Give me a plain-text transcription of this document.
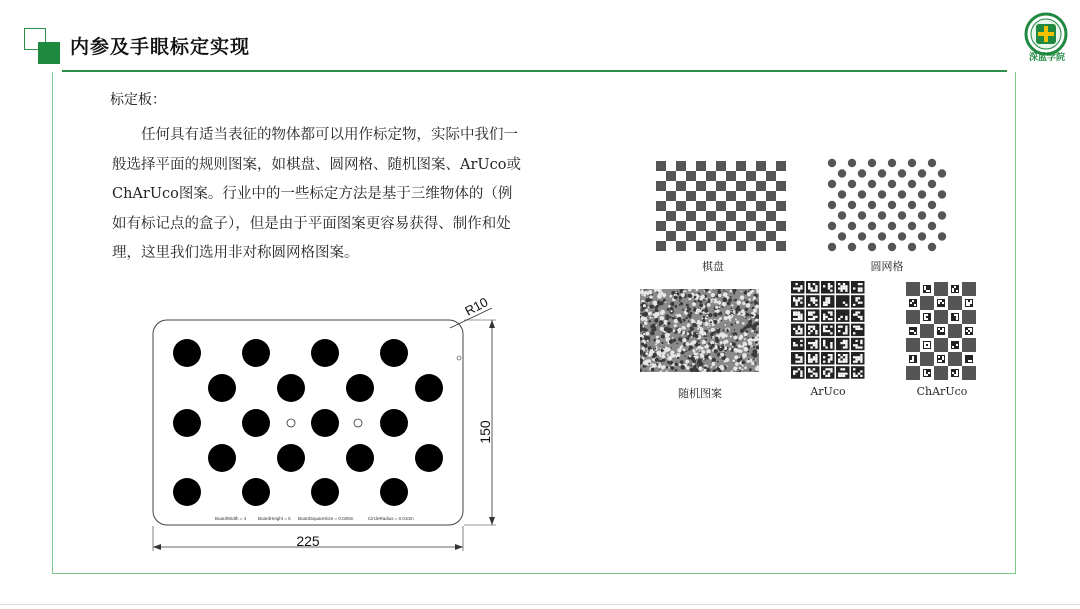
内参及手眼标定实现	深蓝学院
标定板：

任何具有适当表征的物体都可以用作标定物，实际中我们一般选择平面的规则图案，如棋盘、圆网格、随机图案、ArUco或ChArUco图案。行业中的一些标定方法是基于三维物体的（例如有标记点的盒子），但是由于平面图案更容易获得、制作和处理，这里我们选用非对称圆网格图案。

R10
150
225
BoardWidth = 4	BoardHeight = 5 BoardSquareSize = 0.025m	CircleRadius = 0.010m
棋盘	圆网格
随机图案	ArUco	ChArUco
